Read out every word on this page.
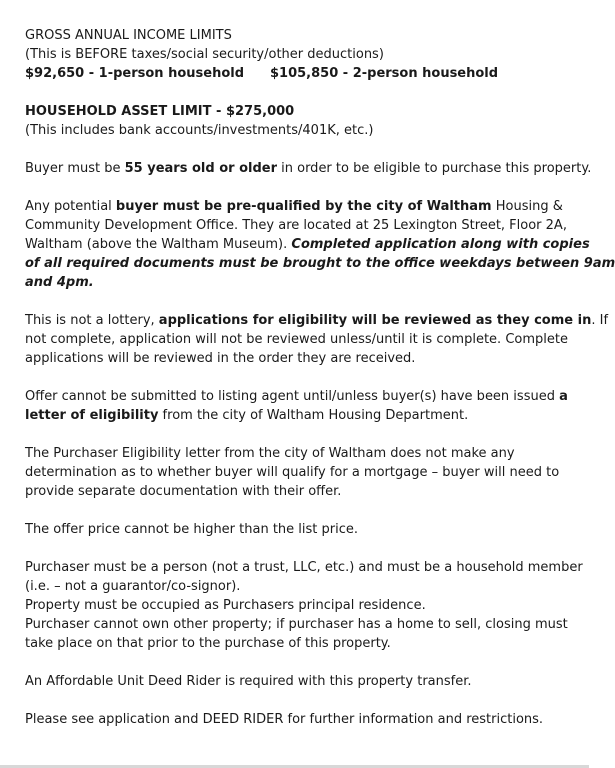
GROSS ANNUAL INCOME LIMITS
(This is BEFORE taxes/social security/other deductions)
$92,650 - 1-person household	$105,850 - 2-person household
HOUSEHOLD ASSET LIMIT - $275,000
(This includes bank accounts/investments/401K, etc.)
Buyer must be 55 years old or older in order to be eligible to purchase this property.
Any potential buyer must be pre-qualified by the city of Waltham Housing &
Community Development Office. They are located at 25 Lexington Street, Floor 2A,
Waltham (above the Waltham Museum). Completed application along with copies
of all required documents must be brought to the office weekdays between 9am
and 4pm.
This is not a lottery, applications for eligibility will be reviewed as they come in. If
not complete, application will not be reviewed unless/until it is complete. Complete
applications will be reviewed in the order they are received.
Offer cannot be submitted to listing agent until/unless buyer(s) have been issued a
letter of eligibility from the city of Waltham Housing Department.
The Purchaser Eligibility letter from the city of Waltham does not make any
determination as to whether buyer will qualify for a mortgage – buyer will need to
provide separate documentation with their offer.
The offer price cannot be higher than the list price.
Purchaser must be a person (not a trust, LLC, etc.) and must be a household member
(i.e. – not a guarantor/co-signor).
Property must be occupied as Purchasers principal residence.
Purchaser cannot own other property; if purchaser has a home to sell, closing must
take place on that prior to the purchase of this property.
An Affordable Unit Deed Rider is required with this property transfer.
Please see application and DEED RIDER for further information and restrictions.
